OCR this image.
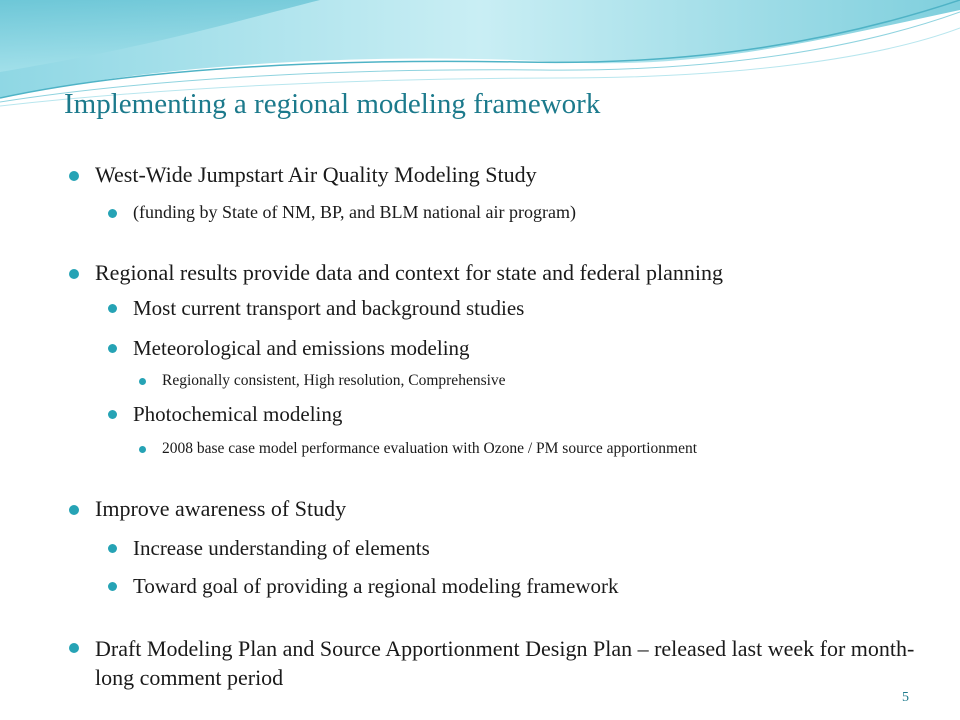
Implementing a regional modeling framework
West-Wide Jumpstart Air Quality Modeling Study
(funding by State of NM, BP, and BLM national air program)
Regional results provide data and context for state and federal planning
Most current transport and background studies
Meteorological and emissions modeling
Regionally consistent, High resolution, Comprehensive
Photochemical modeling
2008 base case model performance evaluation with Ozone / PM source apportionment
Improve awareness of Study
Increase understanding of elements
Toward goal of providing a regional modeling framework
Draft Modeling Plan and Source Apportionment Design Plan – released last week for month-long comment period
5
